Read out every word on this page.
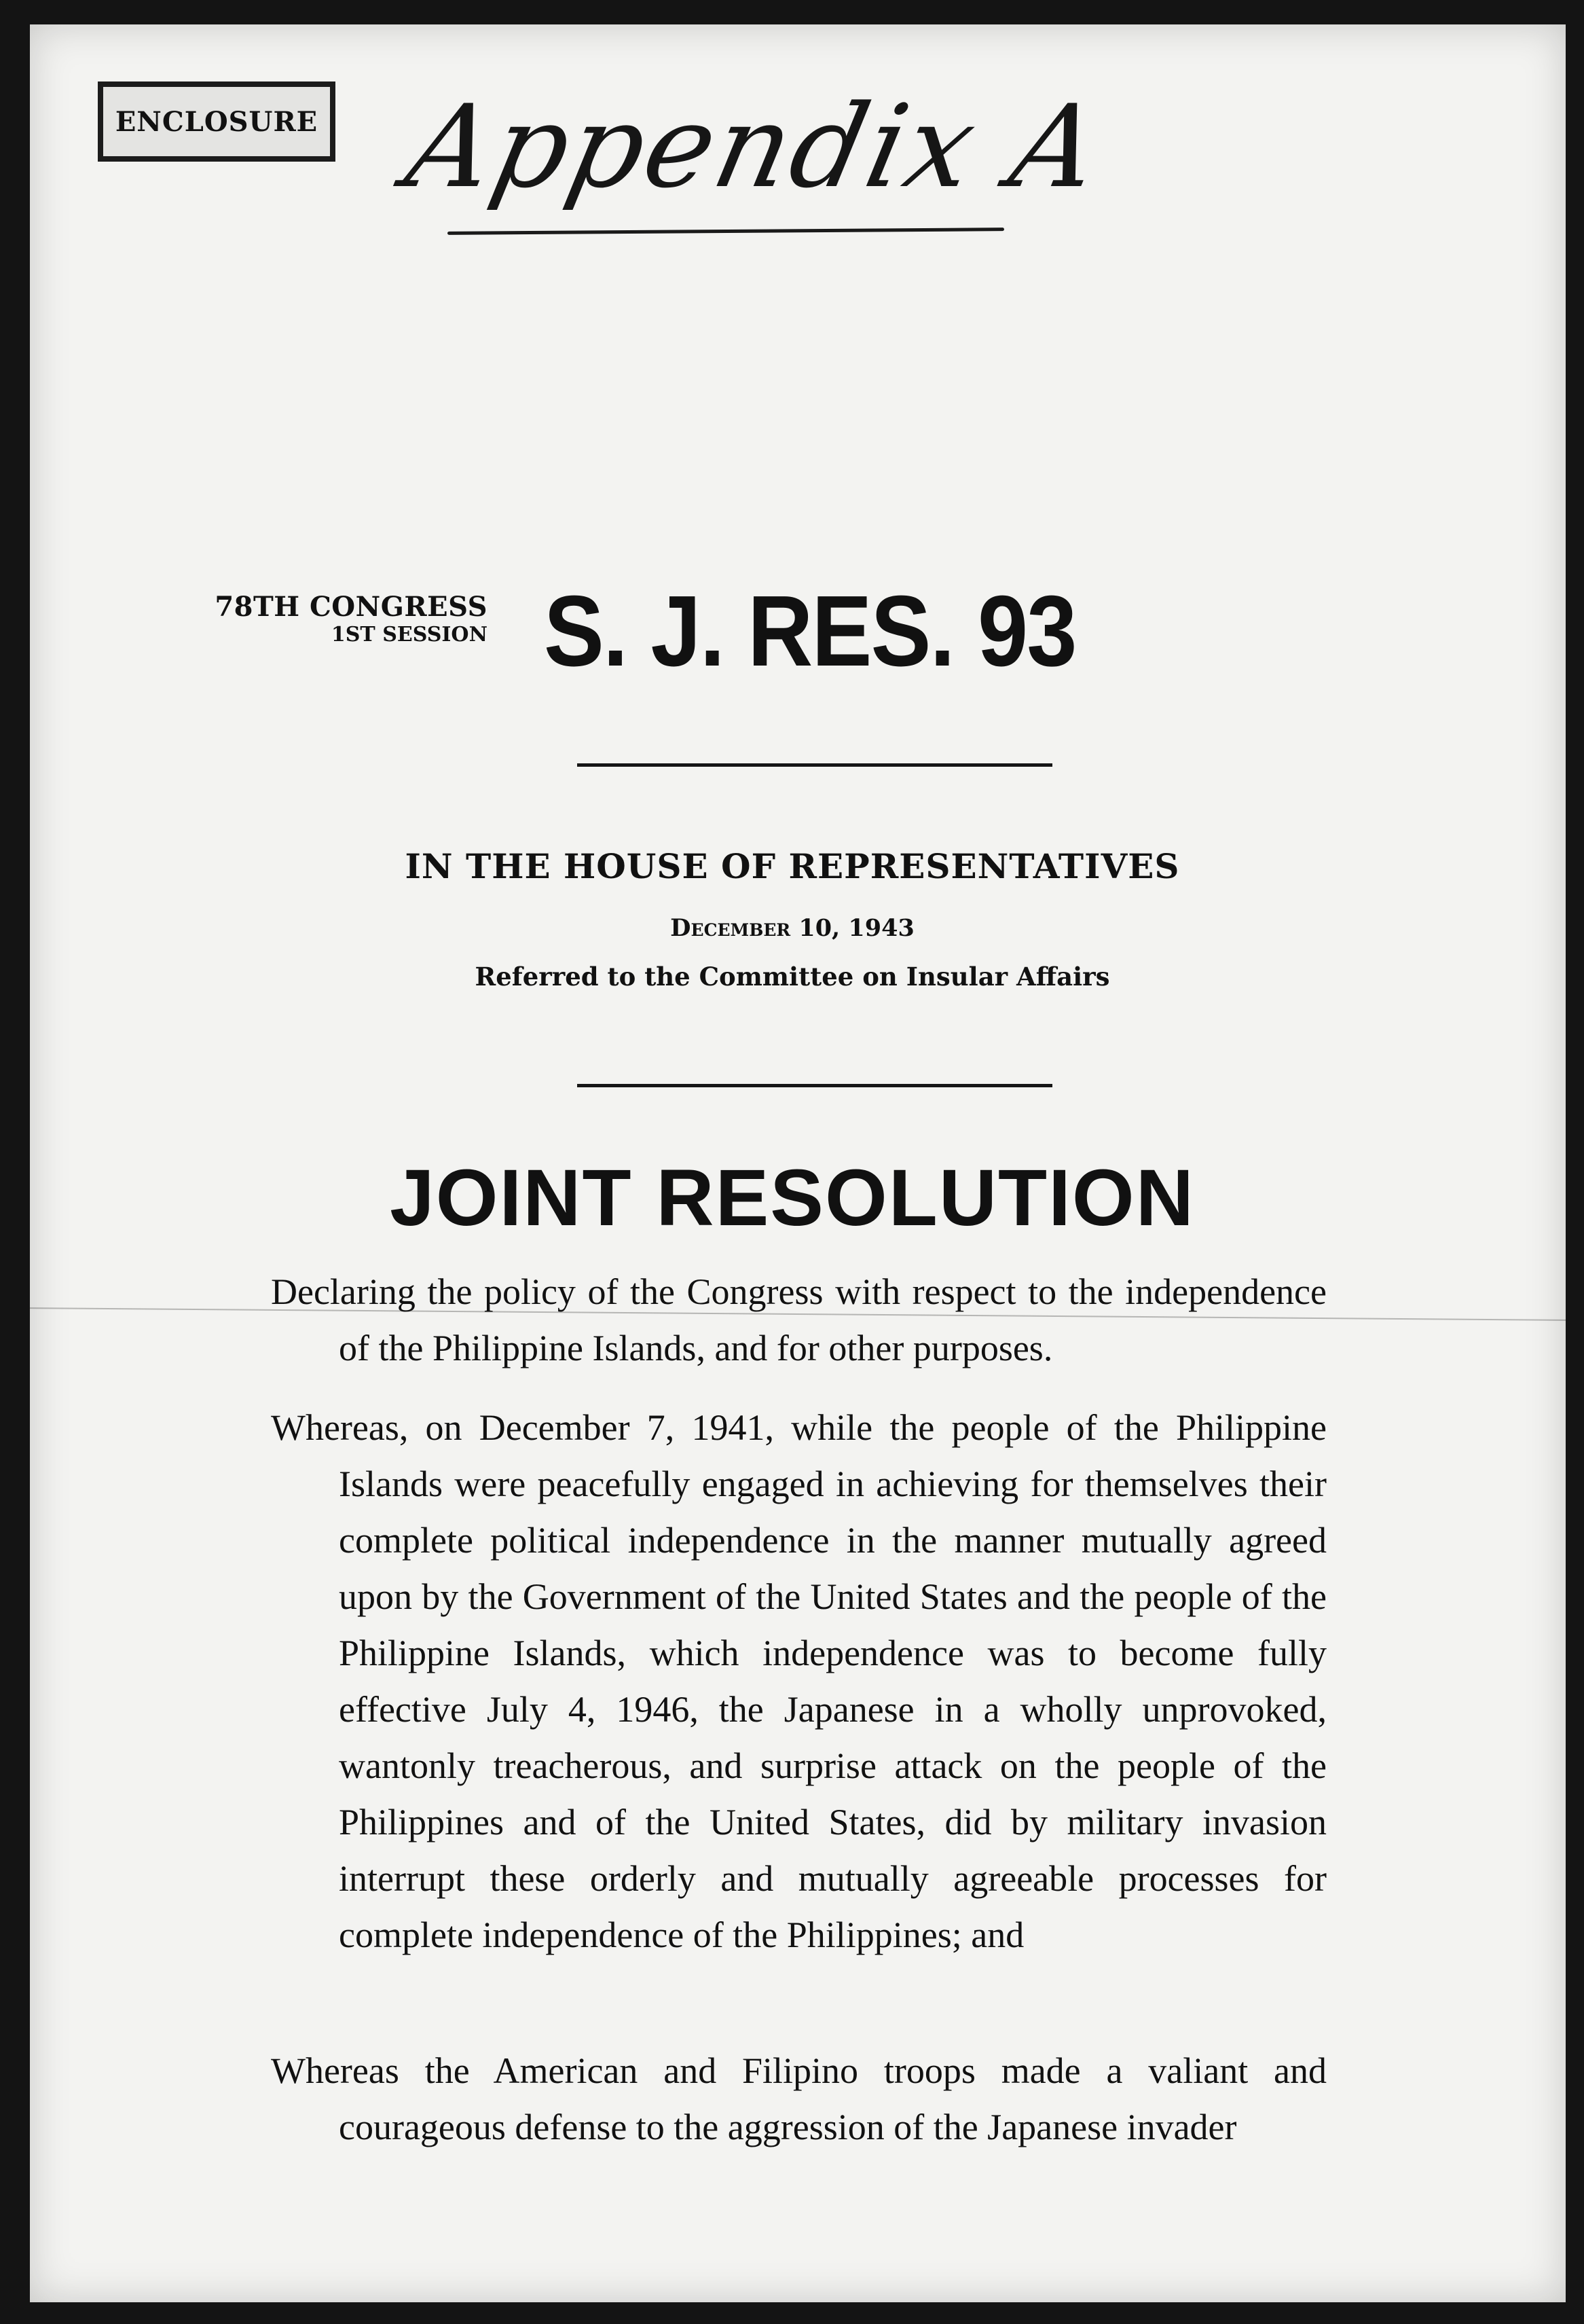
ENCLOSURE Appendix A
78TH CONGRESS
1ST SESSION S. J. RES. 93
IN THE HOUSE OF REPRESENTATIVES
December 10, 1943
Referred to the Committee on Insular Affairs
JOINT RESOLUTION

Declaring the policy of the Congress with respect to the independence of the Philippine Islands, and for other purposes.

Whereas, on December 7, 1941, while the people of the Philippine Islands were peacefully engaged in achieving for themselves their complete political independence in the manner mutually agreed upon by the Government of the United States and the people of the Philippine Islands, which independence was to become fully effective July 4, 1946, the Japanese in a wholly unprovoked, wantonly treacherous, and surprise attack on the people of the Philippines and of the United States, did by military invasion interrupt these orderly and mutually agreeable processes for complete independence of the Philippines; and

Whereas the American and Filipino troops made a valiant and courageous defense to the aggression of the Japanese invader
